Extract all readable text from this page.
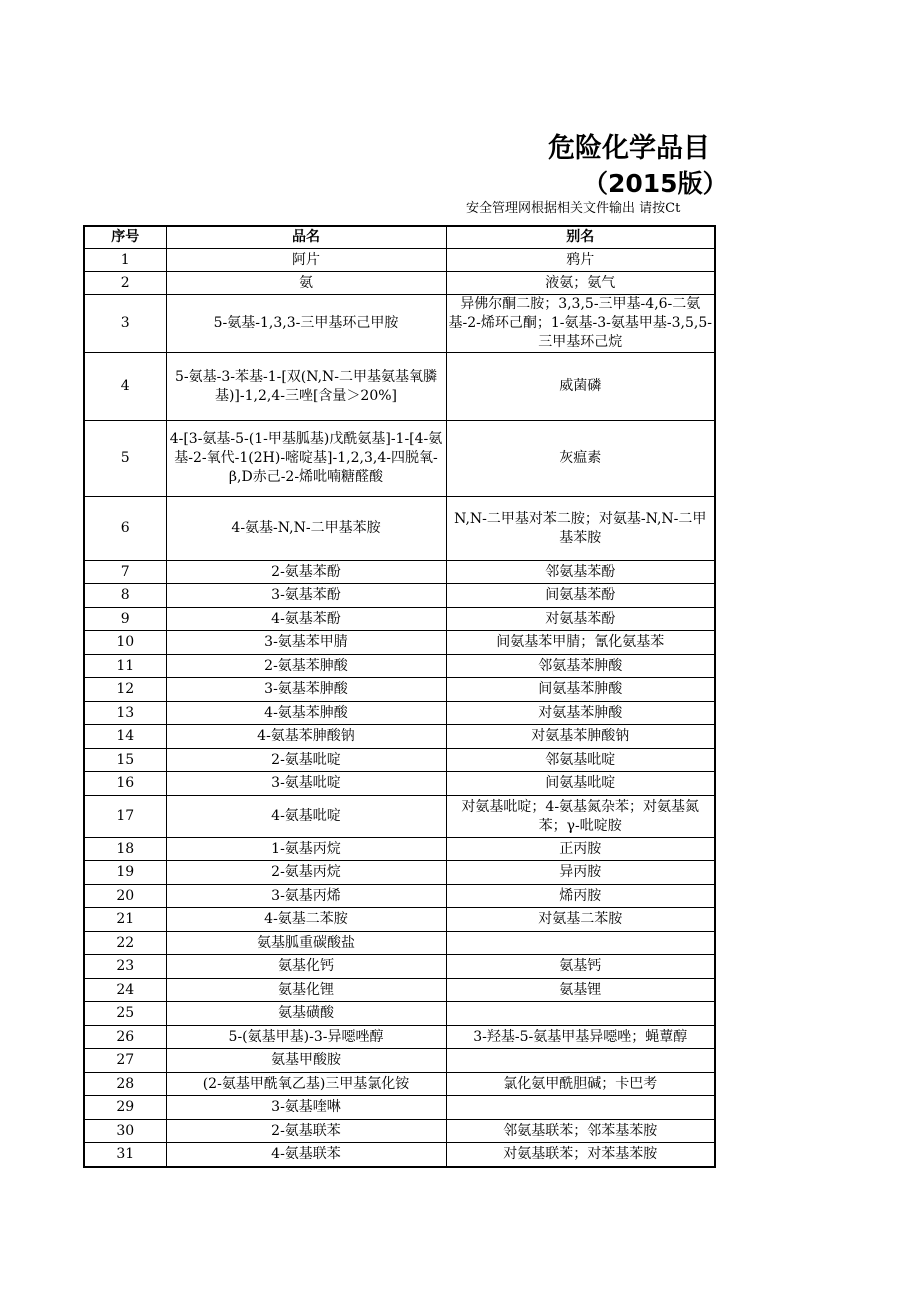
危险化学品目
（2015版）
安全管理网根据相关文件输出 请按Ct
序号	品名	别名
1	阿片	鸦片
2	氨	液氨；氨气
3	5-氨基-1,3,3-三甲基环己甲胺	异佛尔酮二胺；3,3,5-三甲基-4,6-二氨基-2-烯环己酮；1-氨基-3-氨基甲基-3,5,5-三甲基环己烷
4	5-氨基-3-苯基-1-[双(N,N-二甲基氨基氧膦基)]-1,2,4-三唑[含量＞20%]	威菌磷
5	4-[3-氨基-5-(1-甲基胍基)戊酰氨基]-1-[4-氨基-2-氧代-1(2H)-嘧啶基]-1,2,3,4-四脱氧-β,D赤己-2-烯吡喃糖醛酸	灰瘟素
6	4-氨基-N,N-二甲基苯胺	N,N-二甲基对苯二胺；对氨基-N,N-二甲基苯胺
7	2-氨基苯酚	邻氨基苯酚
8	3-氨基苯酚	间氨基苯酚
9	4-氨基苯酚	对氨基苯酚
10	3-氨基苯甲腈	间氨基苯甲腈；氰化氨基苯
11	2-氨基苯胂酸	邻氨基苯胂酸
12	3-氨基苯胂酸	间氨基苯胂酸
13	4-氨基苯胂酸	对氨基苯胂酸
14	4-氨基苯胂酸钠	对氨基苯胂酸钠
15	2-氨基吡啶	邻氨基吡啶
16	3-氨基吡啶	间氨基吡啶
17	4-氨基吡啶	对氨基吡啶；4-氨基氮杂苯；对氨基氮苯；γ-吡啶胺
18	1-氨基丙烷	正丙胺
19	2-氨基丙烷	异丙胺
20	3-氨基丙烯	烯丙胺
21	4-氨基二苯胺	对氨基二苯胺
22	氨基胍重碳酸盐	
23	氨基化钙	氨基钙
24	氨基化锂	氨基锂
25	氨基磺酸	
26	5-(氨基甲基)-3-异噁唑醇	3-羟基-5-氨基甲基异噁唑；蝇蕈醇
27	氨基甲酸胺	
28	(2-氨基甲酰氧乙基)三甲基氯化铵	氯化氨甲酰胆碱；卡巴考
29	3-氨基喹啉	
30	2-氨基联苯	邻氨基联苯；邻苯基苯胺
31	4-氨基联苯	对氨基联苯；对苯基苯胺
